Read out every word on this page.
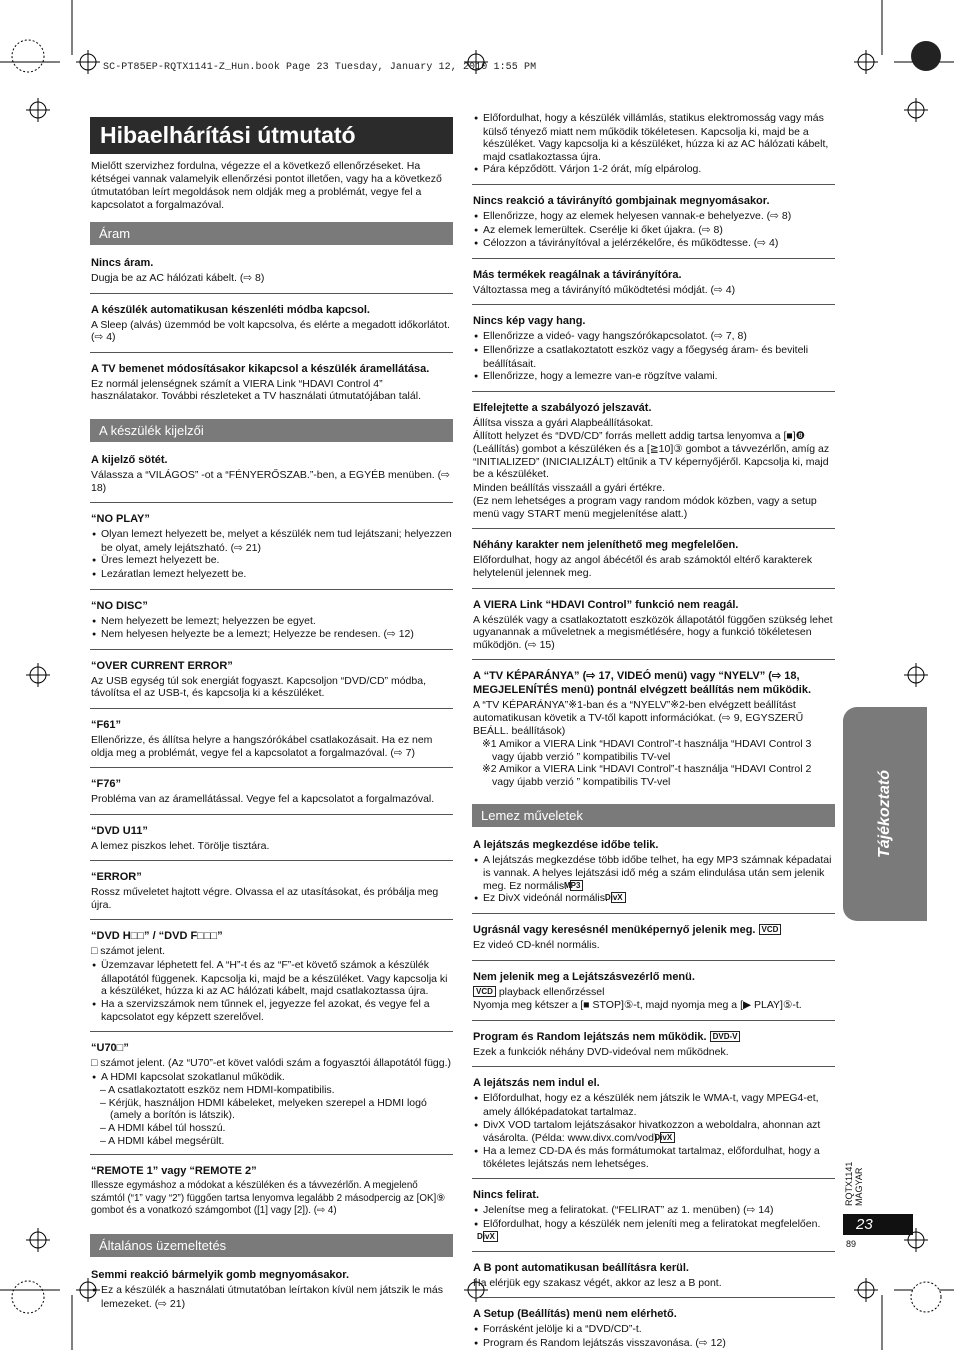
SC-PT85EP-RQTX1141-Z_Hun.book Page 23 Tuesday, January 12, 2010 1:55 PM
Hibaelhárítási útmutató
Mielőtt szervizhez fordulna, végezze el a következő ellenőrzéseket. Ha kétségei vannak valamelyik ellenőrzési pontot illetően, vagy ha a következő útmutatóban leírt megoldások nem oldják meg a problémát, vegye fel a kapcsolatot a forgalmazóval.
Áram
Nincs áram.
Dugja be az AC hálózati kábelt. (⇨ 8)
A készülék automatikusan készenléti módba kapcsol.
A Sleep (alvás) üzemmód be volt kapcsolva, és elérte a megadott időkorlátot. (⇨ 4)
A TV bemenet módosításakor kikapcsol a készülék áramellátása.
Ez normál jelenségnek számít a VIERA Link “HDAVI Control 4” használatakor. További részleteket a TV használati útmutatójában talál.
A készülék kijelzői
A kijelző sötét.
Válassza a “VILÁGOS” -ot a “FÉNYERŐSZAB.”-ben, a EGYÉB menüben. (⇨ 18)
“NO PLAY”
● Olyan lemezt helyezett be, melyet a készülék nem tud lejátszani; helyezzen be olyat, amely lejátszható. (⇨ 21)
● Üres lemezt helyezett be.
● Lezáratlan lemezt helyezett be.
“NO DISC”
● Nem helyezett be lemezt; helyezzen be egyet.
● Nem helyesen helyezte be a lemezt; Helyezze be rendesen. (⇨ 12)
“OVER CURRENT ERROR”
Az USB egység túl sok energiát fogyaszt. Kapcsoljon “DVD/CD” módba, távolítsa el az USB-t, és kapcsolja ki a készüléket.
“F61”
Ellenőrizze, és állítsa helyre a hangszórókábel csatlakozásait. Ha ez nem oldja meg a problémát, vegye fel a kapcsolatot a forgalmazóval. (⇨ 7)
“F76”
Probléma van az áramellátással. Vegye fel a kapcsolatot a forgalmazóval.
“DVD U11”
A lemez piszkos lehet. Törölje tisztára.
“ERROR”
Rossz műveletet hajtott végre. Olvassa el az utasításokat, és próbálja meg újra.
“DVD H□□” / “DVD F□□□”
□ számot jelent.
● Üzemzavar léphetett fel. A “H”-t és az “F”-et követő számok a készülék állapotától függenek. Kapcsolja ki, majd be a készüléket. Vagy kapcsolja ki a készüléket, húzza ki az AC hálózati kábelt, majd csatlakoztassa újra.
● Ha a szervizszámok nem tűnnek el, jegyezze fel azokat, és vegye fel a kapcsolatot egy képzett szerelővel.
“U70□”
□ számot jelent. (Az “U70”-et követ valódi szám a fogyasztói állapotától függ.)
● A HDMI kapcsolat szokatlanul működik.
– A csatlakoztatott eszköz nem HDMI-kompatibilis.
– Kérjük, használjon HDMI kábeleket, melyeken szerepel a HDMI logó (amely a borítón is látszik).
– A HDMI kábel túl hosszú.
– A HDMI kábel megsérült.
“REMOTE 1” vagy “REMOTE 2”
Illessze egymáshoz a módokat a készüléken és a távvezérlőn. A megjelenő számtól (“1” vagy “2”) függően tartsa lenyomva legalább 2 másodpercig az [OK]⑨ gombot és a vonatkozó számgombot ([1] vagy [2]). (⇨ 4)
Általános üzemeltetés
Semmi reakció bármelyik gomb megnyomásakor.
● Ez a készülék a használati útmutatóban leírtakon kívül nem játszik le más lemezeket. (⇨ 21)
● Előfordulhat, hogy a készülék villámlás, statikus elektromosság vagy más külső tényező miatt nem működik tökéletesen. Kapcsolja ki, majd be a készüléket. Vagy kapcsolja ki a készüléket, húzza ki az AC hálózati kábelt, majd csatlakoztassa újra.
● Pára képződött. Várjon 1-2 órát, míg elpárolog.
Nincs reakció a távirányító gombjainak megnyomásakor.
● Ellenőrizze, hogy az elemek helyesen vannak-e behelyezve. (⇨ 8)
● Az elemek lemerültek. Cserélje ki őket újakra. (⇨ 8)
● Célozzon a távirányítóval a jelérzékelőre, és működtesse. (⇨ 4)
Más termékek reagálnak a távirányítóra.
Változtassa meg a távirányító működtetési módját. (⇨ 4)
Nincs kép vagy hang.
● Ellenőrizze a videó- vagy hangszórókapcsolatot. (⇨ 7, 8)
● Ellenőrizze a csatlakoztatott eszköz vagy a főegység áram- és beviteli beállításait.
● Ellenőrizze, hogy a lemezre van-e rögzítve valami.
Elfelejtette a szabályozó jelszavát.
Állítsa vissza a gyári Alapbeállításokat.
Állított helyzet és “DVD/CD” forrás mellett addig tartsa lenyomva a [■]❽ (Leállítás) gombot a készüléken és a [≧10]③ gombot a távvezérlőn, amíg az “INITIALIZED” (INICIALIZÁLT) eltűnik a TV képernyőjéről. Kapcsolja ki, majd be a készüléket.
Minden beállítás visszaáll a gyári értékre.
(Ez nem lehetséges a program vagy random módok közben, vagy a setup menü vagy START menü megjelenítése alatt.)
Néhány karakter nem jeleníthető meg megfelelően.
Előfordulhat, hogy az angol ábécétől és arab számoktól eltérő karakterek helytelenül jelennek meg.
A VIERA Link “HDAVI Control” funkció nem reagál.
A készülék vagy a csatlakoztatott eszközök állapotától függően szükség lehet ugyanannak a műveletnek a megismétlésére, hogy a funkció tökéletesen működjön. (⇨ 15)
A “TV KÉPARÁNYA” (⇨ 17, VIDEÓ menü) vagy “NYELV” (⇨ 18, MEGJELENÍTÉS menü) pontnál elvégzett beállítás nem működik.
A “TV KÉPARÁNYA”※1-ban és a “NYELV”※2-ben elvégzett beállítást automatikusan követik a TV-től kapott információkat. (⇨ 9, EGYSZERŰ BEÁLL. beállítások)
※1 Amikor a VIERA Link “HDAVI Control”-t használja “HDAVI Control 3 vagy újabb verzió ” kompatibilis TV-vel
※2 Amikor a VIERA Link “HDAVI Control”-t használja “HDAVI Control 2 vagy újabb verzió ” kompatibilis TV-vel
Lemez műveletek
A lejátszás megkezdése időbe telik.
● A lejátszás megkezdése több időbe telhet, ha egy MP3 számnak képadatai is vannak. A helyes lejátszási idő még a szám elindulása után sem jelenik meg. Ez normális. MP3
● Ez DivX videónál normális. DivX
Ugrásnál vagy keresésnél menüképernyő jelenik meg. VCD
Ez videó CD-knél normális.
Nem jelenik meg a Lejátszásvezérlő menü.
VCD playback ellenőrzéssel
Nyomja meg kétszer a [■ STOP]⑤-t, majd nyomja meg a [▶ PLAY]⑤-t.
Program és Random lejátszás nem működik. DVD-V
Ezek a funkciók néhány DVD-videóval nem működnek.
A lejátszás nem indul el.
● Előfordulhat, hogy ez a készülék nem játszik le WMA-t, vagy MPEG4-et, amely állóképadatokat tartalmaz.
● DivX VOD tartalom lejátszásakor hivatkozzon a weboldalra, ahonnan azt vásárolta. (Példa: www.divx.com/vod) DivX
● Ha a lemez CD-DA és más formátumokat tartalmaz, előfordulhat, hogy a tökéletes lejátszás nem lehetséges.
Nincs felirat.
● Jelenítse meg a feliratokat. (“FELIRAT” az 1. menüben) (⇨ 14)
● Előfordulhat, hogy a készülék nem jeleníti meg a feliratokat megfelelően. DivX
A B pont automatikusan beállításra kerül.
Ha elérjük egy szakasz végét, akkor az lesz a B pont.
A Setup (Beállítás) menü nem elérhető.
● Forrásként jelölje ki a “DVD/CD”-t.
● Program és Random lejátszás visszavonása. (⇨ 12)
Tájékoztató
RQTX1141 MAGYAR
23
89
